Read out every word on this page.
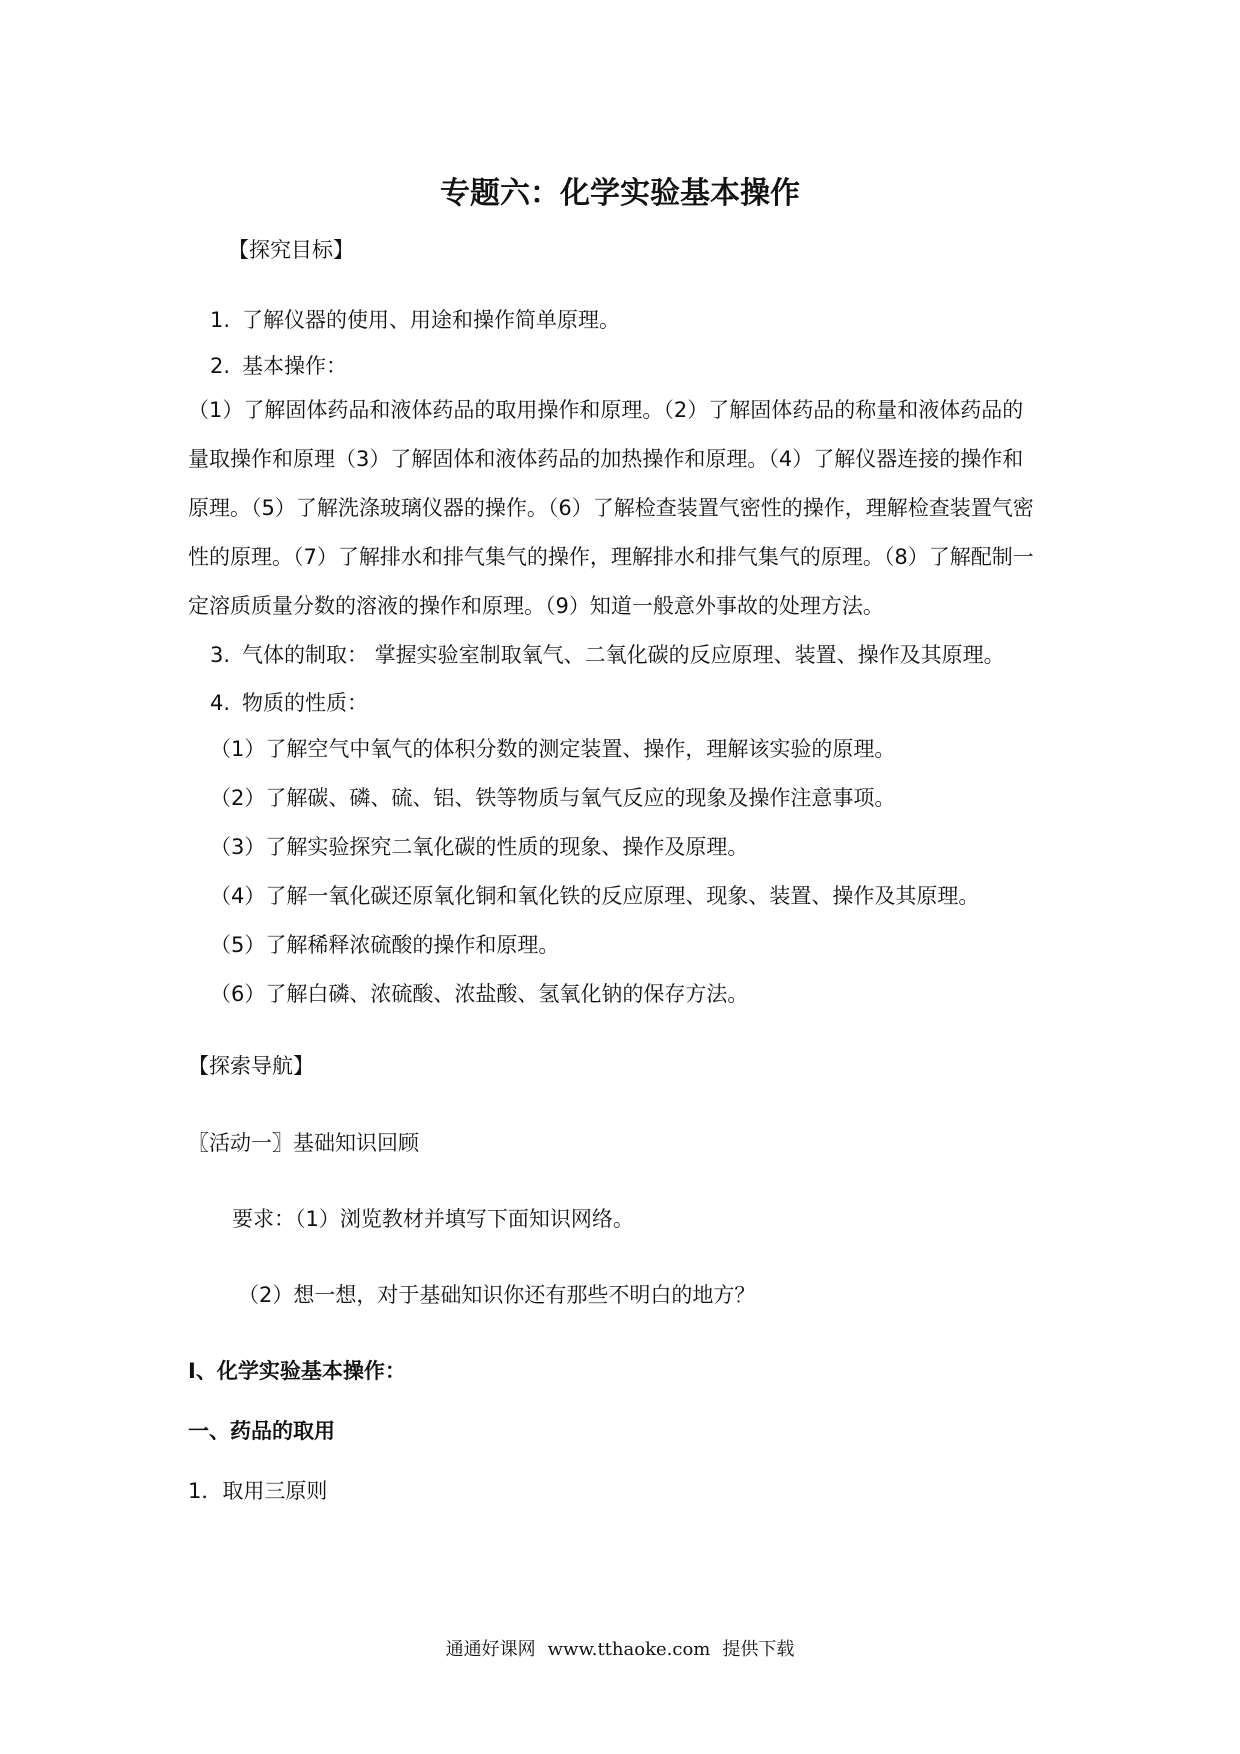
专题六：化学实验基本操作
【探究目标】
1. 了解仪器的使用、用途和操作简单原理。
2. 基本操作：
（1）了解固体药品和液体药品的取用操作和原理。（2）了解固体药品的称量和液体药品的
量取操作和原理（3）了解固体和液体药品的加热操作和原理。（4）了解仪器连接的操作和
原理。（5）了解洗涤玻璃仪器的操作。（6）了解检查装置气密性的操作，理解检查装置气密
性的原理。（7）了解排水和排气集气的操作，理解排水和排气集气的原理。（8）了解配制一
定溶质质量分数的溶液的操作和原理。（9）知道一般意外事故的处理方法。
3. 气体的制取： 掌握实验室制取氧气、二氧化碳的反应原理、装置、操作及其原理。
4. 物质的性质：
（1）了解空气中氧气的体积分数的测定装置、操作，理解该实验的原理。
（2）了解碳、磷、硫、铝、铁等物质与氧气反应的现象及操作注意事项。
（3）了解实验探究二氧化碳的性质的现象、操作及原理。
（4）了解一氧化碳还原氧化铜和氧化铁的反应原理、现象、装置、操作及其原理。
（5）了解稀释浓硫酸的操作和原理。
（6）了解白磷、浓硫酸、浓盐酸、氢氧化钠的保存方法。
【探索导航】
〖活动一〗基础知识回顾
要求：（1）浏览教材并填写下面知识网络。
（2）想一想，对于基础知识你还有那些不明白的地方？
Ⅰ、化学实验基本操作：
一、药品的取用
1．取用三原则
通通好课网 www.tthaoke.com 提供下载
